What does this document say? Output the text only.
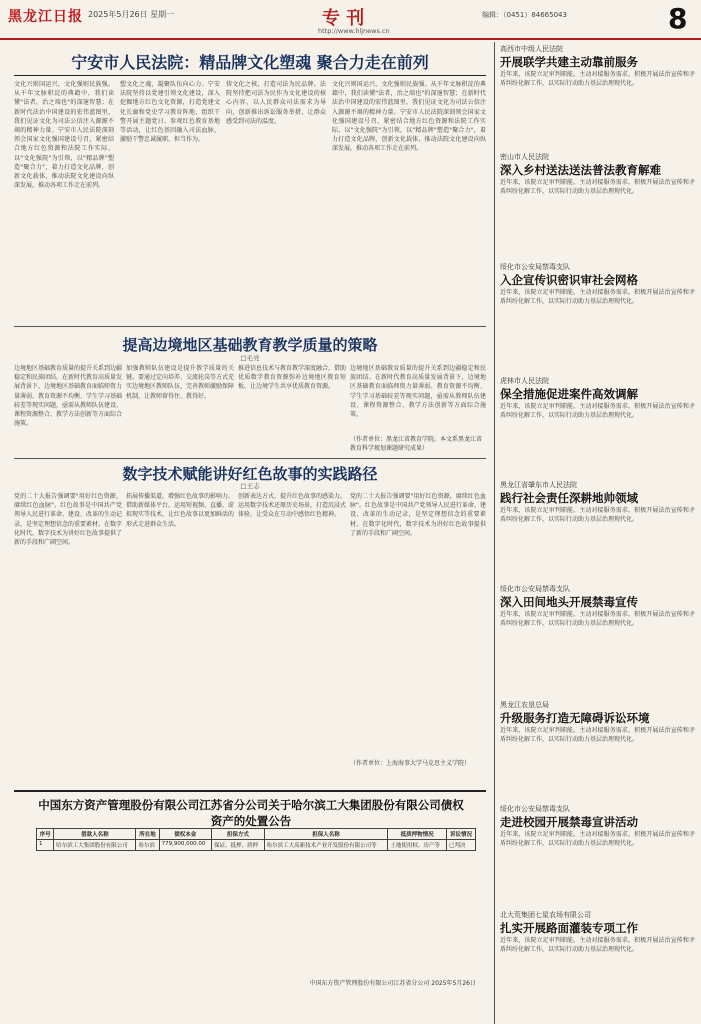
黑龙江日报 2025年5月26日 星期一	专 刊
http://www.hljnews.cn
编辑：（0451）84665043	8
宁安市人民法院：精品牌文化塑魂 聚合力走在前列
文化兴则国运兴，文化强则民族强。从千年文脉积淀的典籍中，我们读懂"法者，治之端也"的深邃智慧；在新时代法治中国建设的宏伟蓝图里，我们见证文化为司法公信注入源源不竭的精神力量。宁安市人民法院深刻领会国家文化强国建设号召，紧密结合地方红色资源和法院工作实际，以"文化强院"为引领，以"精品牌"塑造"聚合力"，着力打造文化品牌，创新文化载体，推动法院文化建设向纵深发展，推动各项工作走在前列。
塑文化之魂，凝聚队伍向心力。宁安法院坚持以党建引领文化建设，深入挖掘地方红色文化资源，打造党建文化长廊和党史学习教育阵地，组织干警开展主题党日、参观红色教育基地等活动，让红色基因融入司法血脉，激励干警忠诚履职、担当作为。
铸文化之核，打造司法为民品牌。法院坚持把司法为民作为文化建设的核心内容，以人民群众司法需求为导向，创新推出诉讼服务举措，让群众感受到司法的温度。
文化兴则国运兴，文化强则民族强。从千年文脉积淀的典籍中，我们读懂"法者，治之端也"的深邃智慧；在新时代法治中国建设的宏伟蓝图里，我们见证文化为司法公信注入源源不竭的精神力量。宁安市人民法院深刻领会国家文化强国建设号召，紧密结合地方红色资源和法院工作实际，以"文化强院"为引领，以"精品牌"塑造"聚合力"，着力打造文化品牌，创新文化载体，推动法院文化建设向纵深发展，推动各项工作走在前列。
提高边境地区基础教育教学质量的策略
□毛亮
边境地区基础教育质量的提升关系到边疆稳定和民族团结。在新时代教育高质量发展背景下，边境地区基础教育面临师资力量薄弱、教育资源不均衡、学生学习基础较差等现实问题，亟需从教师队伍建设、课程资源整合、教学方法创新等方面综合施策。
加强教师队伍建设是提升教学质量的关键。要通过定向培养、交流轮岗等方式充实边境地区教师队伍，完善教师激励保障机制，让教师留得住、教得好。
推进信息技术与教育教学深度融合，借助优质数字教育资源弥补边境地区教育短板，让边境学生共享优质教育资源。
边境地区基础教育质量的提升关系到边疆稳定和民族团结。在新时代教育高质量发展背景下，边境地区基础教育面临师资力量薄弱、教育资源不均衡、学生学习基础较差等现实问题，亟需从教师队伍建设、课程资源整合、教学方法创新等方面综合施策。
（作者单位：黑龙江省教育学院。本文系黑龙江省教育科学规划课题研究成果）
数字技术赋能讲好红色故事的实践路径
□王志
党的二十大报告强调要"用好红色资源，赓续红色血脉"。红色故事是中国共产党领导人民进行革命、建设、改革的生动记录，是坚定理想信念的重要素材。在数字化时代，数字技术为讲好红色故事提供了新的手段和广阔空间。
拓展传播渠道，增强红色故事的影响力。借助新媒体平台，运用短视频、直播、虚拟现实等技术，让红色故事以更加鲜活的形式走进群众生活。
创新表达方式，提升红色故事的感染力。运用数字技术还原历史场景，打造沉浸式体验，让受众在互动中感悟红色精神。
党的二十大报告强调要"用好红色资源，赓续红色血脉"。红色故事是中国共产党领导人民进行革命、建设、改革的生动记录，是坚定理想信念的重要素材。在数字化时代，数字技术为讲好红色故事提供了新的手段和广阔空间。
（作者单位：上海海事大学马克思主义学院）
中国东方资产管理股份有限公司江苏省分公司关于哈尔滨工大集团股份有限公司债权资产的处置公告
序号	借款人名称	所在地	债权本金	担保方式	担保人名称	抵质押物情况	诉讼情况
1	哈尔滨工大集团股份有限公司	哈尔滨	779,900,000.00	保证、抵押、质押	哈尔滨工大高新技术产业开发股份有限公司等	土地使用权、房产等	已判决
中国东方资产管理股份有限公司江苏省分公司 2025年5月26日
高西市中级人民法院
开展联学共建主动靠前服务
近年来，该院立足审判职能，主动对接服务需求，积极开展法治宣传和矛盾纠纷化解工作，以实际行动助力基层治理现代化。
密山市人民法院
深入乡村送法送法普法教育解难
近年来，该院立足审判职能，主动对接服务需求，积极开展法治宣传和矛盾纠纷化解工作，以实际行动助力基层治理现代化。
绥化市公安局禁毒支队
入企宣传识密识审社会网格
近年来，该院立足审判职能，主动对接服务需求，积极开展法治宣传和矛盾纠纷化解工作，以实际行动助力基层治理现代化。
虎林市人民法院
保全措施促进案件高效调解
近年来，该院立足审判职能，主动对接服务需求，积极开展法治宣传和矛盾纠纷化解工作，以实际行动助力基层治理现代化。
黑龙江省肇东市人民法院
践行社会责任深耕地帅领域
近年来，该院立足审判职能，主动对接服务需求，积极开展法治宣传和矛盾纠纷化解工作，以实际行动助力基层治理现代化。
绥化市公安局禁毒支队
深入田间地头开展禁毒宣传
近年来，该院立足审判职能，主动对接服务需求，积极开展法治宣传和矛盾纠纷化解工作，以实际行动助力基层治理现代化。
黑龙江农垦总局
升级服务打造无障碍诉讼环境
近年来，该院立足审判职能，主动对接服务需求，积极开展法治宣传和矛盾纠纷化解工作，以实际行动助力基层治理现代化。
绥化市公安局禁毒支队
走进校园开展禁毒宣讲活动
近年来，该院立足审判职能，主动对接服务需求，积极开展法治宣传和矛盾纠纷化解工作，以实际行动助力基层治理现代化。
北大荒集团七星农场有限公司
扎实开展路面灌装专项工作
近年来，该院立足审判职能，主动对接服务需求，积极开展法治宣传和矛盾纠纷化解工作，以实际行动助力基层治理现代化。
